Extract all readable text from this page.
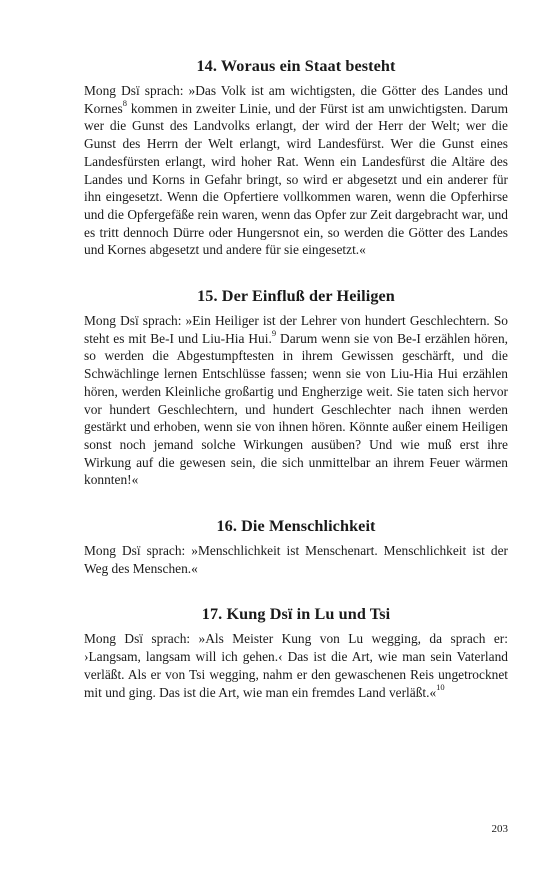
14. Woraus ein Staat besteht

Mong Dsï sprach: »Das Volk ist am wichtigsten, die Götter des Landes und Kornes$^8$ kommen in zweiter Linie, und der Fürst ist am unwichtigsten. Darum wer die Gunst des Landvolks erlangt, der wird der Herr der Welt; wer die Gunst des Herrn der Welt erlangt, wird Landesfürst. Wer die Gunst eines Landesfürsten erlangt, wird hoher Rat. Wenn ein Landesfürst die Altäre des Landes und Korns in Gefahr bringt, so wird er abgesetzt und ein anderer für ihn eingesetzt. Wenn die Opfertiere vollkommen waren, wenn die Opferhirse und die Opfergefäße rein waren, wenn das Opfer zur Zeit dargebracht war, und es tritt dennoch Dürre oder Hungersnot ein, so werden die Götter des Landes und Kornes abgesetzt und andere für sie eingesetzt.«

15. Der Einfluß der Heiligen

Mong Dsï sprach: »Ein Heiliger ist der Lehrer von hundert Geschlechtern. So steht es mit Be-I und Liu-Hia Hui.$^9$ Darum wenn sie von Be-I erzählen hören, so werden die Abgestumpftesten in ihrem Gewissen geschärft, und die Schwächlinge lernen Entschlüsse fassen; wenn sie von Liu-Hia Hui erzählen hören, werden Kleinliche großartig und Engherzige weit. Sie taten sich hervor vor hundert Geschlechtern, und hundert Geschlechter nach ihnen werden gestärkt und erhoben, wenn sie von ihnen hören. Könnte außer einem Heiligen sonst noch jemand solche Wirkungen ausüben? Und wie muß erst ihre Wirkung auf die gewesen sein, die sich unmittelbar an ihrem Feuer wärmen konnten!«

16. Die Menschlichkeit

Mong Dsï sprach: »Menschlichkeit ist Menschenart. Menschlichkeit ist der Weg des Menschen.«

17. Kung Dsï in Lu und Tsi

Mong Dsï sprach: »Als Meister Kung von Lu wegging, da sprach er: ›Langsam, langsam will ich gehen.‹ Das ist die Art, wie man sein Vaterland verläßt. Als er von Tsi wegging, nahm er den gewaschenen Reis ungetrocknet mit und ging. Das ist die Art, wie man ein fremdes Land verläßt.«$^{10}$

203
